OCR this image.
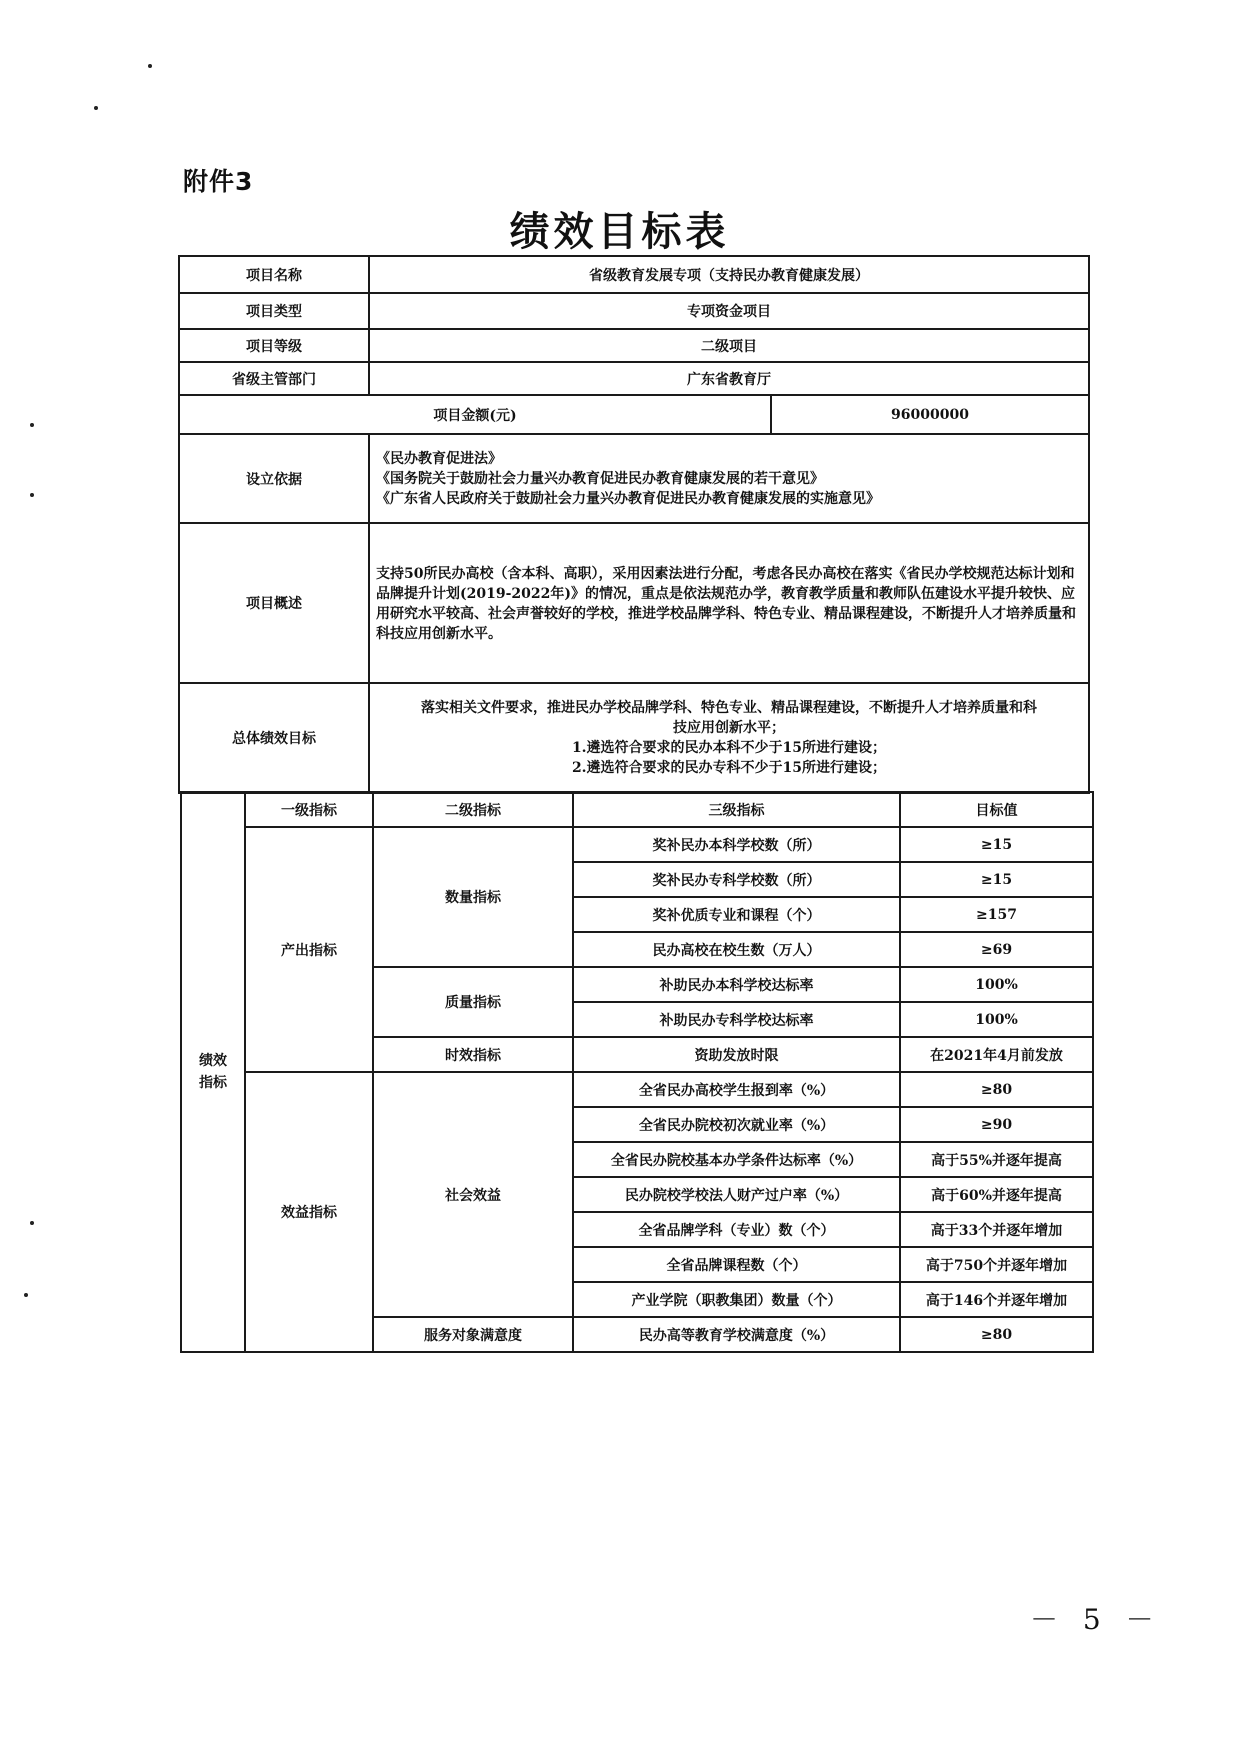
附件3
绩效目标表
项目名称	省级教育发展专项（支持民办教育健康发展）	
项目类型	专项资金项目	
项目等级	二级项目	
省级主管部门	广东省教育厅	
项目金额(元)		96000000
设立依据	《民办教育促进法》
《国务院关于鼓励社会力量兴办教育促进民办教育健康发展的若干意见》
《广东省人民政府关于鼓励社会力量兴办教育促进民办教育健康发展的实施意见》	

项目概述	支持50所民办高校（含本科、高职），采用因素法进行分配，考虑各民办高校在落实《省民办学校规范达标计划和品牌提升计划(2019-2022年)》的情况，重点是依法规范办学，教育教学质量和教师队伍建设水平提升较快、应用研究水平较高、社会声誉较好的学校，推进学校品牌学科、特色专业、精品课程建设，不断提升人才培养质量和科技应用创新水平。	
总体绩效目标	落实相关文件要求，推进民办学校品牌学科、特色专业、精品课程建设，不断提升人才培养质量和科
技应用创新水平；
1.遴选符合要求的民办本科不少于15所进行建设；
2.遴选符合要求的民办专科不少于15所进行建设；	
绩效指标	一级指标	二级指标	三级指标	目标值
	产出指标	数量指标	奖补民办本科学校数（所）	≥15
			奖补民办专科学校数（所）	≥15
			奖补优质专业和课程（个）	≥157
			民办高校在校生数（万人）	≥69
		质量指标	补助民办本科学校达标率	100%
			补助民办专科学校达标率	100%
		时效指标	资助发放时限	在2021年4月前发放
	效益指标	社会效益	全省民办高校学生报到率（%）	≥80
			全省民办院校初次就业率（%）	≥90
			全省民办院校基本办学条件达标率（%）	高于55%并逐年提高
			民办院校学校法人财产过户率（%）	高于60%并逐年提高
			全省品牌学科（专业）数（个）	高于33个并逐年增加
			全省品牌课程数（个）	高于750个并逐年增加
			产业学院（职教集团）数量（个）	高于146个并逐年增加
		服务对象满意度	民办高等教育学校满意度（%）	≥80
－ 5 －
